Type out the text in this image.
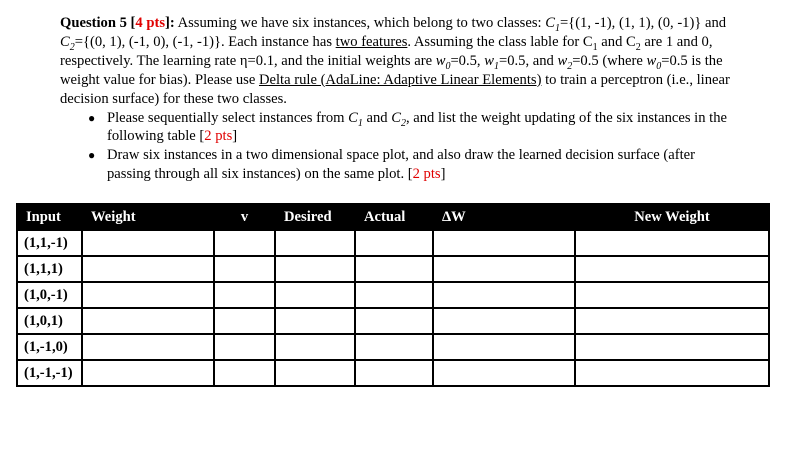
Question 5 [4 pts]: Assuming we have six instances, which belong to two classes: $C_1=\{(1$, -1), (1, 1), (0, -1)} and $C_2=\{(0$, 1), (-1, 0), (-1, -1)}. Each instance has two features. Assuming the class lable for $C_1$ and $C_2$ are 1 and 0, respectively. The learning rate η=0.1, and the initial weights are $w_0=0.5$, $w_1=0.5$, and $w_2=0.5$ (where $w_0=0.5$ is the weight value for bias). Please use Delta rule (AdaLine: Adaptive Linear Elements) to train a perceptron (i.e., linear decision surface) for these two classes.

● Please sequentially select instances from $C_1$ and $C_2$, and list the weight updating of the six instances in the following table [2 pts]
● Draw six instances in a two dimensional space plot, and also draw the learned decision surface (after passing through all six instances) on the same plot. [2 pts]
Input	Weight	v	Desired	Actual	ΔW	New Weight
(1,1,-1)						
(1,1,1)						
(1,0,-1)						
(1,0,1)						
(1,-1,0)						
(1,-1,-1)						
